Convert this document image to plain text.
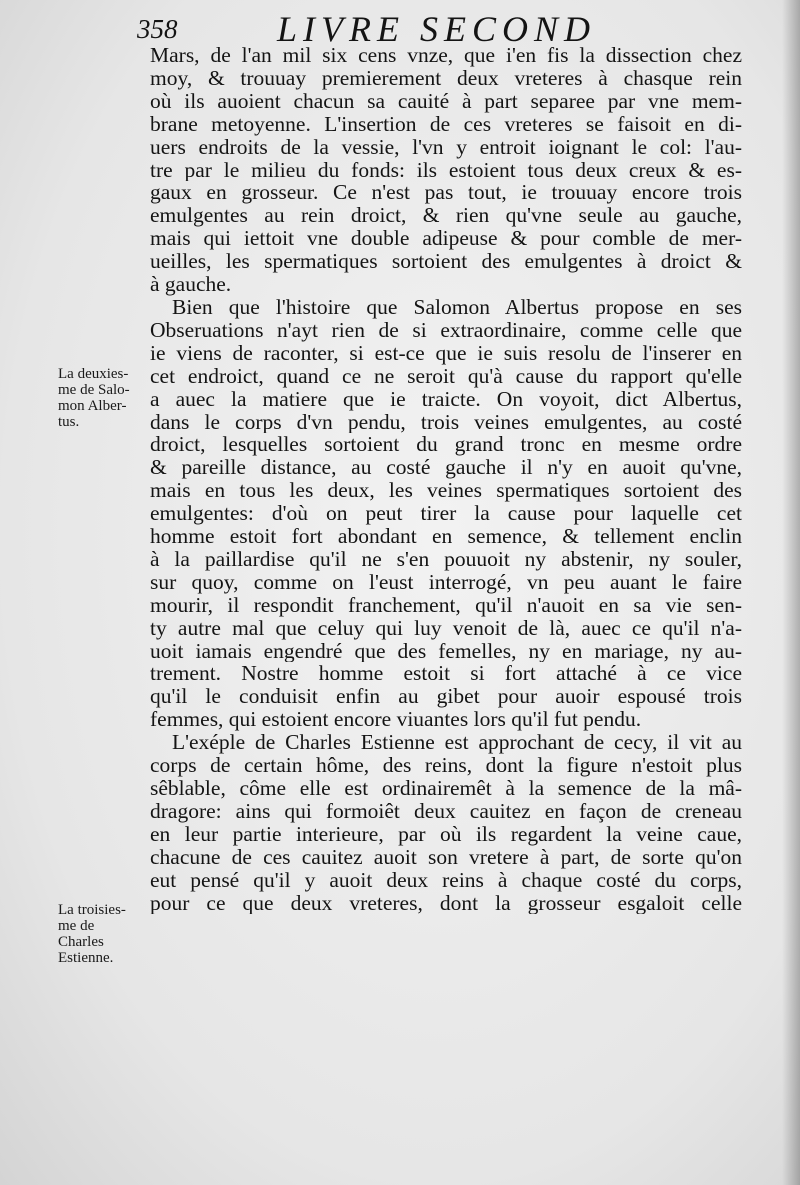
358	LIVRE SECOND
Mars, de l'an mil six cens vnze, que i'en fis la dissection chez
moy, & trouuay premierement deux vreteres à chasque rein
où ils auoient chacun sa cauité à part separee par vne mem-
brane metoyenne. L'insertion de ces vreteres se faisoit en di-
uers endroits de la vessie, l'vn y entroit ioignant le col: l'au-
tre par le milieu du fonds: ils estoient tous deux creux & es-
gaux en grosseur. Ce n'est pas tout, ie trouuay encore trois
emulgentes au rein droict, & rien qu'vne seule au gauche,
mais qui iettoit vne double adipeuse & pour comble de mer-
ueilles, les spermatiques sortoient des emulgentes à droict &
à gauche.
Bien que l'histoire que Salomon Albertus propose en ses
Obseruations n'ayt rien de si extraordinaire, comme celle que
ie viens de raconter, si est-ce que ie suis resolu de l'inserer en
cet endroict, quand ce ne seroit qu'à cause du rapport qu'elle
a auec la matiere que ie traicte. On voyoit, dict Albertus,
dans le corps d'vn pendu, trois veines emulgentes, au costé
droict, lesquelles sortoient du grand tronc en mesme ordre
& pareille distance, au costé gauche il n'y en auoit qu'vne,
mais en tous les deux, les veines spermatiques sortoient des
emulgentes: d'où on peut tirer la cause pour laquelle cet
homme estoit fort abondant en semence, & tellement enclin
à la paillardise qu'il ne s'en pouuoit ny abstenir, ny souler,
sur quoy, comme on l'eust interrogé, vn peu auant le faire
mourir, il respondit franchement, qu'il n'auoit en sa vie sen-
ty autre mal que celuy qui luy venoit de là, auec ce qu'il n'a-
uoit iamais engendré que des femelles, ny en mariage, ny au-
trement. Nostre homme estoit si fort attaché à ce vice
qu'il le conduisit enfin au gibet pour auoir espousé trois
femmes, qui estoient encore viuantes lors qu'il fut pendu.
L'exéple de Charles Estienne est approchant de cecy, il vit au
corps de certain hôme, des reins, dont la figure n'estoit plus
sêblable, côme elle est ordinairemêt à la semence de la mâ-
dragore: ains qui formoiêt deux cauitez en façon de creneau
en leur partie interieure, par où ils regardent la veine caue,
chacune de ces cauitez auoit son vretere à part, de sorte qu'on
eut pensé qu'il y auoit deux reins à chaque costé du corps,
pour ce que deux vreteres, dont la grosseur esgaloit celle
La deuxies-
me de Salo-
mon Alber-
tus.
La troisies-
me de
Charles
Estienne.
